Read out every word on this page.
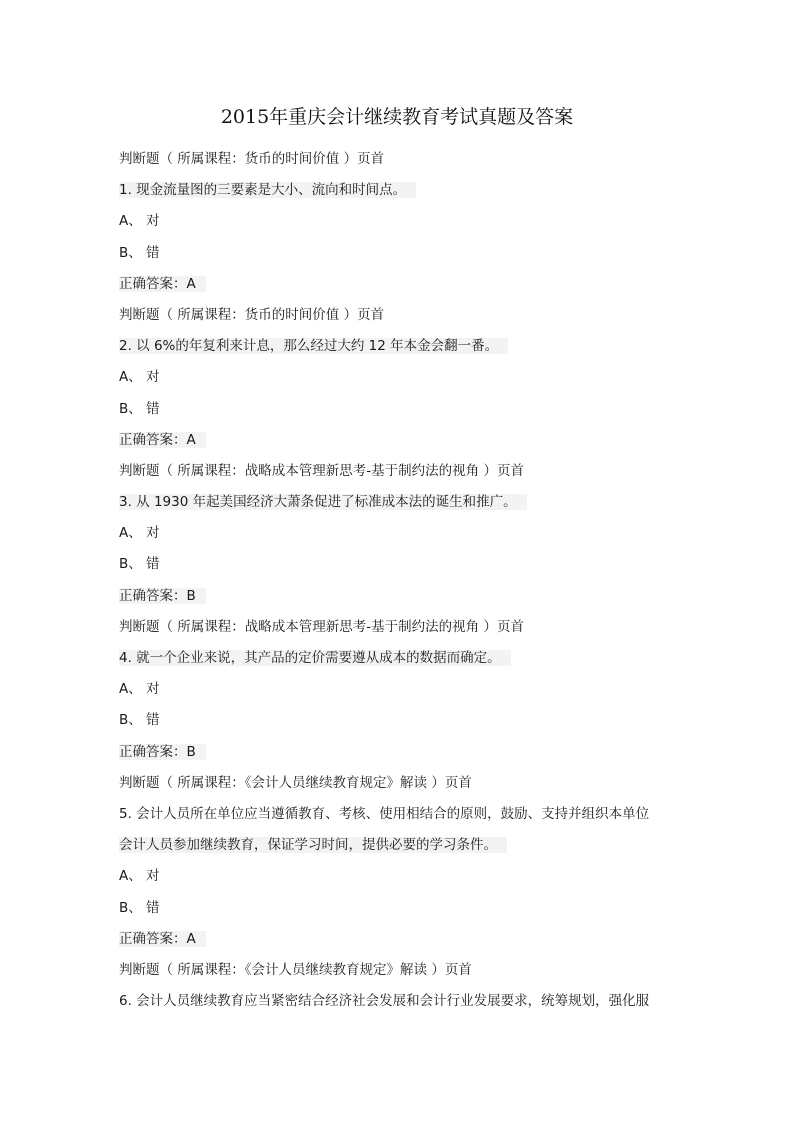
2015年重庆会计继续教育考试真题及答案
判断题（ 所属课程：货币的时间价值 ）页首
1. 现金流量图的三要素是大小、流向和时间点。
A、 对
B、 错
正确答案：A
判断题（ 所属课程：货币的时间价值 ）页首
2. 以 6%的年复利来计息，那么经过大约 12 年本金会翻一番。
A、 对
B、 错
正确答案：A
判断题（ 所属课程：战略成本管理新思考-基于制约法的视角 ）页首
3. 从 1930 年起美国经济大萧条促进了标准成本法的诞生和推广。
A、 对
B、 错
正确答案：B
判断题（ 所属课程：战略成本管理新思考-基于制约法的视角 ）页首
4. 就一个企业来说，其产品的定价需要遵从成本的数据而确定。
A、 对
B、 错
正确答案：B
判断题（ 所属课程：《会计人员继续教育规定》解读 ）页首
5. 会计人员所在单位应当遵循教育、考核、使用相结合的原则，鼓励、支持并组织本单位
会计人员参加继续教育，保证学习时间，提供必要的学习条件。
A、 对
B、 错
正确答案：A
判断题（ 所属课程：《会计人员继续教育规定》解读 ）页首
6. 会计人员继续教育应当紧密结合经济社会发展和会计行业发展要求，统筹规划，强化服
